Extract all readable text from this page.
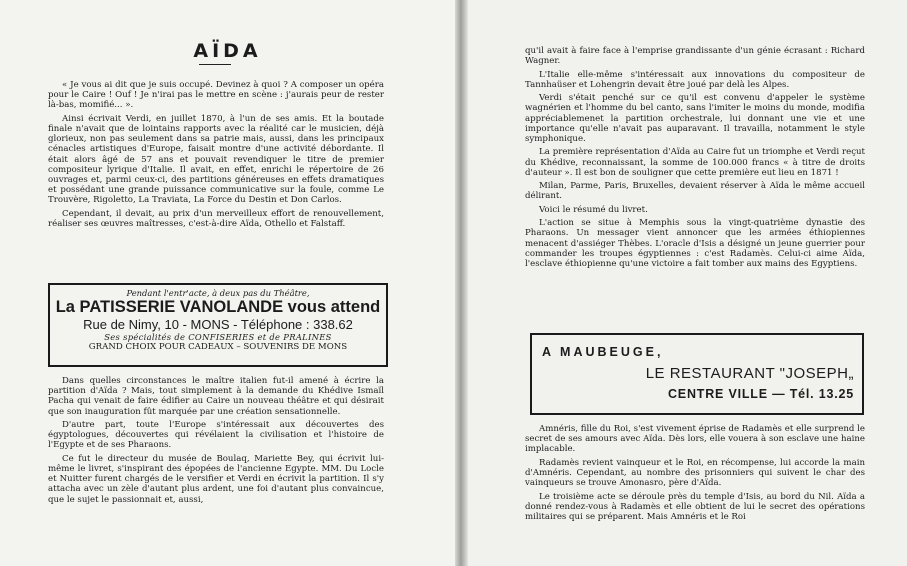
AÏDA

« Je vous ai dit que je suis occupé. Devinez à quoi ? A composer un opéra pour le Caire ! Ouf ! Je n'irai pas le mettre en scène : j'aurais peur de rester là-bas, momifié... ».

Ainsi écrivait Verdi, en juillet 1870, à l'un de ses amis. Et la boutade finale n'avait que de lointains rapports avec la réalité car le musicien, déjà glorieux, non pas seulement dans sa patrie mais, aussi, dans les principaux cénacles artistiques d'Europe, faisait montre d'une activité débordante. Il était alors âgé de 57 ans et pouvait revendiquer le titre de premier compositeur lyrique d'Italie. Il avait, en effet, enrichi le répertoire de 26 ouvrages et, parmi ceux-ci, des partitions généreuses en effets dramatiques et possédant une grande puissance communicative sur la foule, comme Le Trouvère, Rigoletto, La Traviata, La Force du Destin et Don Carlos.

Cependant, il devait, au prix d'un merveilleux effort de renouvellement, réaliser ses œuvres maîtresses, c'est-à-dire Aïda, Othello et Falstaff.

Pendant l'entr'acte, à deux pas du Théâtre,
La PATISSERIE VANOLANDE vous attend
Rue de Nimy, 10 - MONS - Téléphone : 338.62
Ses spécialités de CONFISERIES et de PRALINES
GRAND CHOIX POUR CADEAUX – SOUVENIRS DE MONS

Dans quelles circonstances le maître italien fut-il amené à écrire la partition d'Aïda ? Mais, tout simplement à la demande du Khédive Ismaïl Pacha qui venait de faire édifier au Caire un nouveau théâtre et qui désirait que son inauguration fût marquée par une création sensationnelle.

D'autre part, toute l'Europe s'intéressait aux découvertes des égyptologues, découvertes qui révélaient la civilisation et l'histoire de l'Egypte et de ses Pharaons.

Ce fut le directeur du musée de Boulaq, Mariette Bey, qui écrivit lui-même le livret, s'inspirant des épopées de l'ancienne Egypte. MM. Du Locle et Nuitter furent chargés de le versifier et Verdi en écrivit la partition. Il s'y attacha avec un zèle d'autant plus ardent, une foi d'autant plus convaincue, que le sujet le passionnait et, aussi,

qu'il avait à faire face à l'emprise grandissante d'un génie écrasant : Richard Wagner.

L'Italie elle-même s'intéressait aux innovations du compositeur de Tannhaüser et Lohengrin devait être joué par delà les Alpes.

Verdi s'était penché sur ce qu'il est convenu d'appeler le système wagnérien et l'homme du bel canto, sans l'imiter le moins du monde, modifia appréciablemenet la partition orchestrale, lui donnant une vie et une importance qu'elle n'avait pas auparavant. Il travailla, notamment le style symphonique.

La première représentation d'Aïda au Caire fut un triomphe et Verdi reçut du Khédive, reconnaissant, la somme de 100.000 francs « à titre de droits d'auteur ». Il est bon de souligner que cette première eut lieu en 1871 !

Milan, Parme, Paris, Bruxelles, devaient réserver à Aïda le même accueil délirant.

Voici le résumé du livret.

L'action se situe à Memphis sous la vingt-quatrième dynastie des Pharaons. Un messager vient annoncer que les armées éthiopiennes menacent d'assiéger Thèbes. L'oracle d'Isis a désigné un jeune guerrier pour commander les troupes égyptiennes : c'est Radamès. Celui-ci aime Aïda, l'esclave éthiopienne qu'une victoire a fait tomber aux mains des Egyptiens.

A MAUBEUGE,
LE RESTAURANT "JOSEPH„
CENTRE VILLE — Tél. 13.25

Amnéris, fille du Roi, s'est vivement éprise de Radamès et elle surprend le secret de ses amours avec Aïda. Dès lors, elle vouera à son esclave une haine implacable.

Radamès revient vainqueur et le Roi, en récompense, lui accorde la main d'Amnéris. Cependant, au nombre des prisonniers qui suivent le char des vainqueurs se trouve Amonasro, père d'Aïda.

Le troisième acte se déroule près du temple d'Isis, au bord du Nil. Aïda a donné rendez-vous à Radamès et elle obtient de lui le secret des opérations militaires qui se préparent. Mais Amnéris et le Roi
